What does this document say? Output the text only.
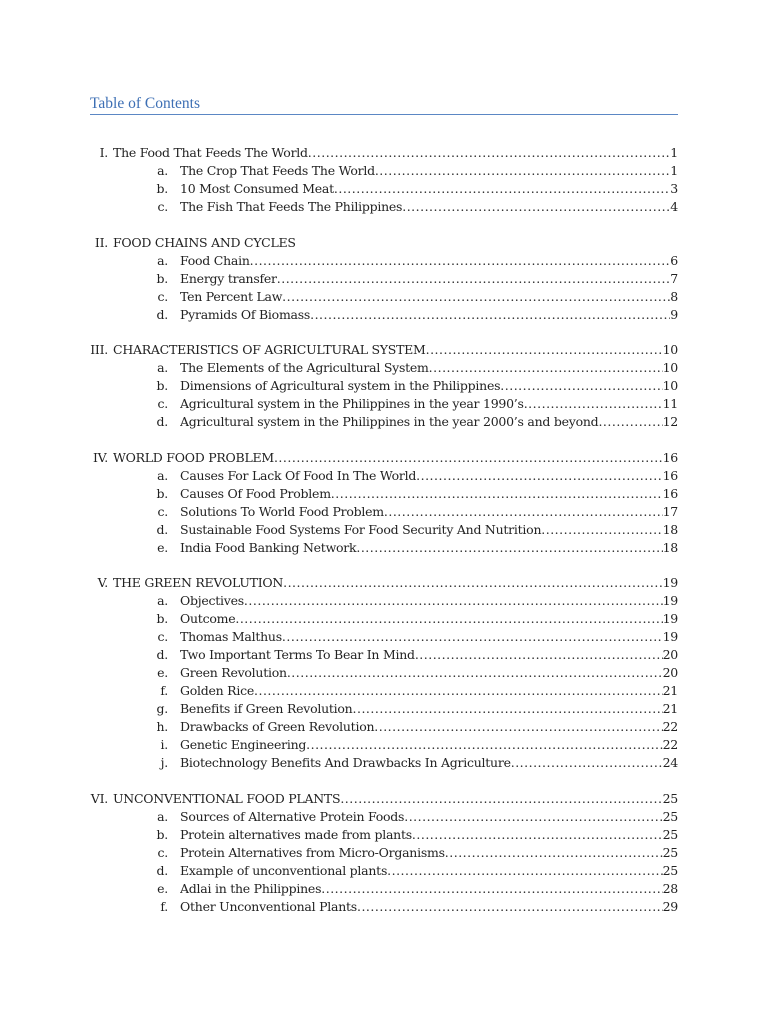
Table of Contents
I. The Food That Feeds The World .....	1
a. The Crop That Feeds The World .....	1
b. 10 Most Consumed Meat .....	3
c. The Fish That Feeds The Philippines .....	4
II. FOOD CHAINS AND CYCLES
a. Food Chain .....	6
b. Energy transfer .....	7
c. Ten Percent Law .....	8
d. Pyramids Of Biomass .....	9
III. CHARACTERISTICS OF AGRICULTURAL SYSTEM .....	10
a. The Elements of the Agricultural System .....	10
b. Dimensions of Agricultural system in the Philippines .....	10
c. Agricultural system in the Philippines in the year 1990’s .....	11
d. Agricultural system in the Philippines in the year 2000’s and beyond .....	12
IV. WORLD FOOD PROBLEM .....	16
a. Causes For Lack Of Food In The World .....	16
b. Causes Of Food Problem .....	16
c. Solutions To World Food Problem .....	17
d. Sustainable Food Systems For Food Security And Nutrition .....	18
e. India Food Banking Network .....	18
V. THE GREEN REVOLUTION .....	19
a. Objectives .....	19
b. Outcome .....	19
c. Thomas Malthus .....	19
d. Two Important Terms To Bear In Mind .....	20
e. Green Revolution .....	20
f. Golden Rice .....	21
g. Benefits if Green Revolution .....	21
h. Drawbacks of Green Revolution .....	22
i. Genetic Engineering .....	22
j. Biotechnology Benefits And Drawbacks In Agriculture .....	24
VI. UNCONVENTIONAL FOOD PLANTS .....	25
a. Sources of Alternative Protein Foods .....	25
b. Protein alternatives made from plants .....	25
c. Protein Alternatives from Micro-Organisms .....	25
d. Example of unconventional plants .....	25
e. Adlai in the Philippines .....	28
f. Other Unconventional Plants .....	29
